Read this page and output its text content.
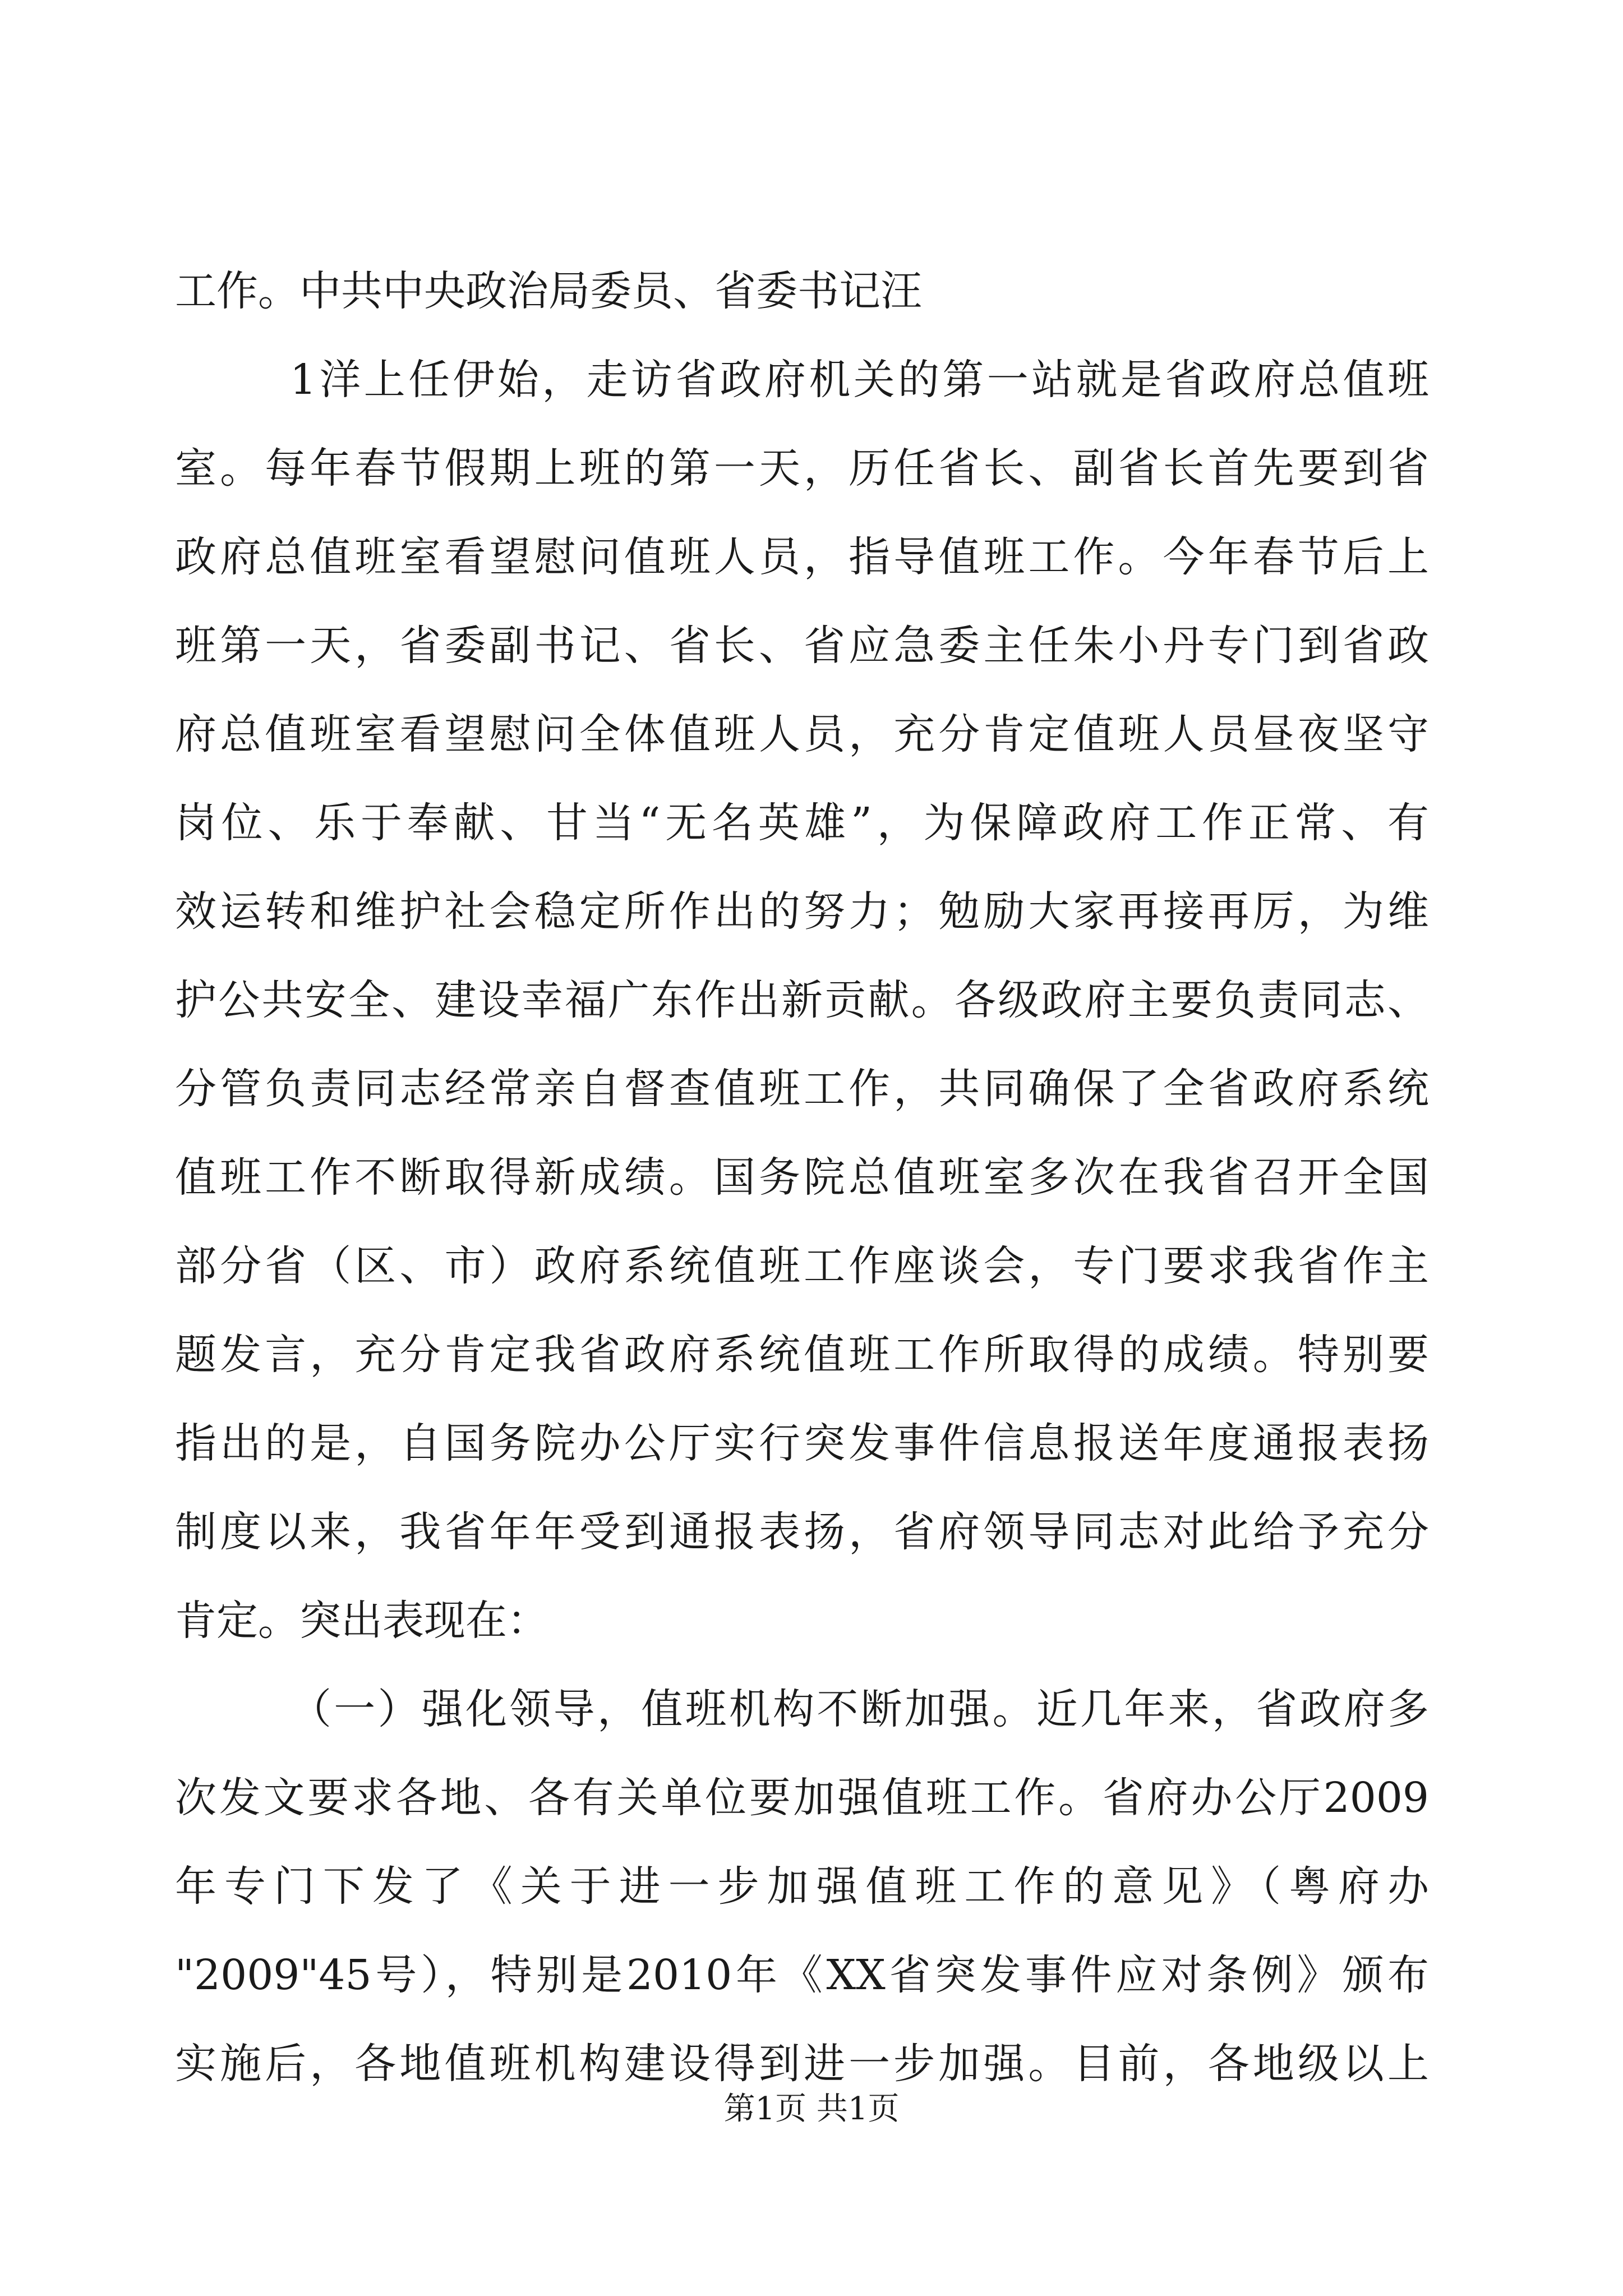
工作。中共中央政治局委员、省委书记汪
1洋上任伊始，走访省政府机关的第一站就是省政府总值班
室。每年春节假期上班的第一天，历任省长、副省长首先要到省
政府总值班室看望慰问值班人员，指导值班工作。今年春节后上
班第一天，省委副书记、省长、省应急委主任朱小丹专门到省政
府总值班室看望慰问全体值班人员，充分肯定值班人员昼夜坚守
岗位、乐于奉献、甘当“无名英雄”，为保障政府工作正常、有
效运转和维护社会稳定所作出的努力；勉励大家再接再厉，为维
护公共安全、建设幸福广东作出新贡献。各级政府主要负责同志、
分管负责同志经常亲自督查值班工作，共同确保了全省政府系统
值班工作不断取得新成绩。国务院总值班室多次在我省召开全国
部分省（区、市）政府系统值班工作座谈会，专门要求我省作主
题发言，充分肯定我省政府系统值班工作所取得的成绩。特别要
指出的是，自国务院办公厅实行突发事件信息报送年度通报表扬
制度以来，我省年年受到通报表扬，省府领导同志对此给予充分
肯定。突出表现在：
（一）强化领导，值班机构不断加强。近几年来，省政府多
次发文要求各地、各有关单位要加强值班工作。省府办公厅2009
年专门下发了《关于进一步加强值班工作的意见》（粤府办
"2009"45号），特别是2010年《XX省突发事件应对条例》颁布
实施后，各地值班机构建设得到进一步加强。目前，各地级以上
第1页 共1页
